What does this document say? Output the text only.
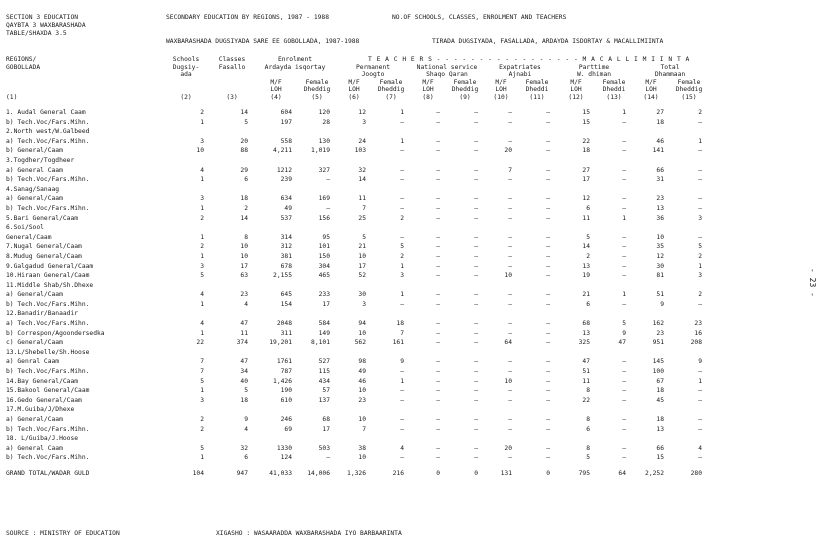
SECTION 3 EDUCATION
QAYBTA 3 WAXBARASHADA
TABLE/SHAXDA 3.5
SECONDARY EDUCATION BY REGIONS, 1987 - 1988	NO.OF SCHOOLS, CLASSES, ENROLMENT AND TEACHERS
WAXBARASHADA DUGSIYADA SARE EE GOBOLLADA, 1987-1988	TIRADA DUGSIYADA, FASALLADA, ARDAYDA ISDORTAY & MACALLIMIINTA
T E A C H E R S - - - - - - - - - - - - - - - - - M A C A L L I M I I N T A
REGIONS/	Schools	Classes	Enrolment											
GOBOLLADA	Dugsiy-	Fasallo	Ardayda isqortay		Permanent		National service		Expatriates		Parttime		Total	
	ada				Joogto		Shaqo Qaran		Ajnabi		W. dhiman		Dhammaan	
			M/F	Female	M/F	Female	M/F	Female	M/F	Female	M/F	Female	M/F	Female
			LOH	Dheddig	LOH	Dheddig	LOH	Dheddig	LOH	Dheddi	LOH	Dheddi	LOH	Dheddig
(1)	(2)	(3)	(4)	(5)	(6)	(7)	(8)	(9)	(10)	(11)	(12)	(13)	(14)	(15)
1. Audal General Caam	2	14	604	120	12	1	—	—	—	—	15	1	27	2
b) Tech.Voc/Fars.Mihn.	1	5	197	28	3	—	—	—	—	—	15	—	18	—
2.North west/W.Galbeed														
a) Tech.Voc/Fars.Mihn.	3	20	558	130	24	1	—	—	—	—	22	—	46	1
b) General/Caam	10	88	4,211	1,019	103	—	—	—	20	—	18	—	141	—
3.Togdher/Togdheer														
a) General Caam	4	29	1212	327	32	—	—	—	7	—	27	—	66	—
b) Tech.Voc/Fars.Mihn.	1	6	239	—	14	—	—	—	—	—	17	—	31	—
4.Sanag/Sanaag														
a) General/Caam	3	18	634	169	11	—	—	—	—	—	12	—	23	—
b) Tech.Voc/Fars.Mihn.	1	2	49	—	7	—	—	—	—	—	6	—	13	—
5.Bari General/Caam	2	14	537	156	25	2	—	—	—	—	11	1	36	3
6.Soi/Sool														
General/Caam	1	8	314	95	5	—	—	—	—	—	5	—	10	—
7.Nugal General/Caam	2	10	312	101	21	5	—	—	—	—	14	—	35	5
8.Mudug General/Caam	1	10	381	150	10	2	—	—	—	—	2	—	12	2
9.Galgadud General/Caam	3	17	678	304	17	1	—	—	—	—	13	—	30	1
10.Hiraan General/Caam	5	63	2,155	465	52	3	—	—	10	—	19	—	81	3
11.Middle Shab/Sh.Dhexe														
a) General/Caam	4	23	645	233	30	1	—	—	—	—	21	1	51	2
b) Tech.Voc/Fars.Mihn.	1	4	154	17	3	—	—	—	—	—	6	—	9	—
12.Banadir/Banaadir														
a) Tech.Voc/Fars.Mihn.	4	47	2048	584	94	18	—	—	—	—	68	5	162	23
b) Correspon/Agoondersedka	1	11	311	149	10	7	—	—	—	—	13	9	23	16
c) General/Caam	22	374	19,201	8,101	562	161	—	—	64	—	325	47	951	208
13.L/Shebelle/Sh.Hoose														
a) Genral Caam	7	47	1761	527	98	9	—	—	—	—	47	—	145	9
b) Tech.Voc/Fars.Mihn.	7	34	787	115	49	—	—	—	—	—	51	—	100	—
14.Bay General/Caam	5	40	1,426	434	46	1	—	—	10	—	11	—	67	1
15.Bakool General/Caam	1	5	190	57	10	—	—	—	—	—	8	—	18	—
16.Gedo General/Caam	3	18	610	137	23	—	—	—	—	—	22	—	45	—
17.M.Guiba/J/Dhexe														
a) General/Caam	2	9	246	68	10	—	—	—	—	—	8	—	18	—
b) Tech.Voc/Fars.Mihn.	2	4	69	17	7	—	—	—	—	—	6	—	13	—
18. L/Guiba/J.Hoose														
a) General Caam	5	32	1330	503	38	4	—	—	20	—	8	—	66	4
b) Tech.Voc/Fars.Mihn.	1	6	124	—	10	—	—	—	—	—	5	—	15	—
GRAND TOTAL/WADAR GULD	104	947	41,033	14,006	1,326	216	0	0	131	0	795	64	2,252	280
SOURCE : MINISTRY OF EDUCATION	XIGASHO : WASAARADDA WAXBARASHADA IYO BARBAARINTA
- 23 -
